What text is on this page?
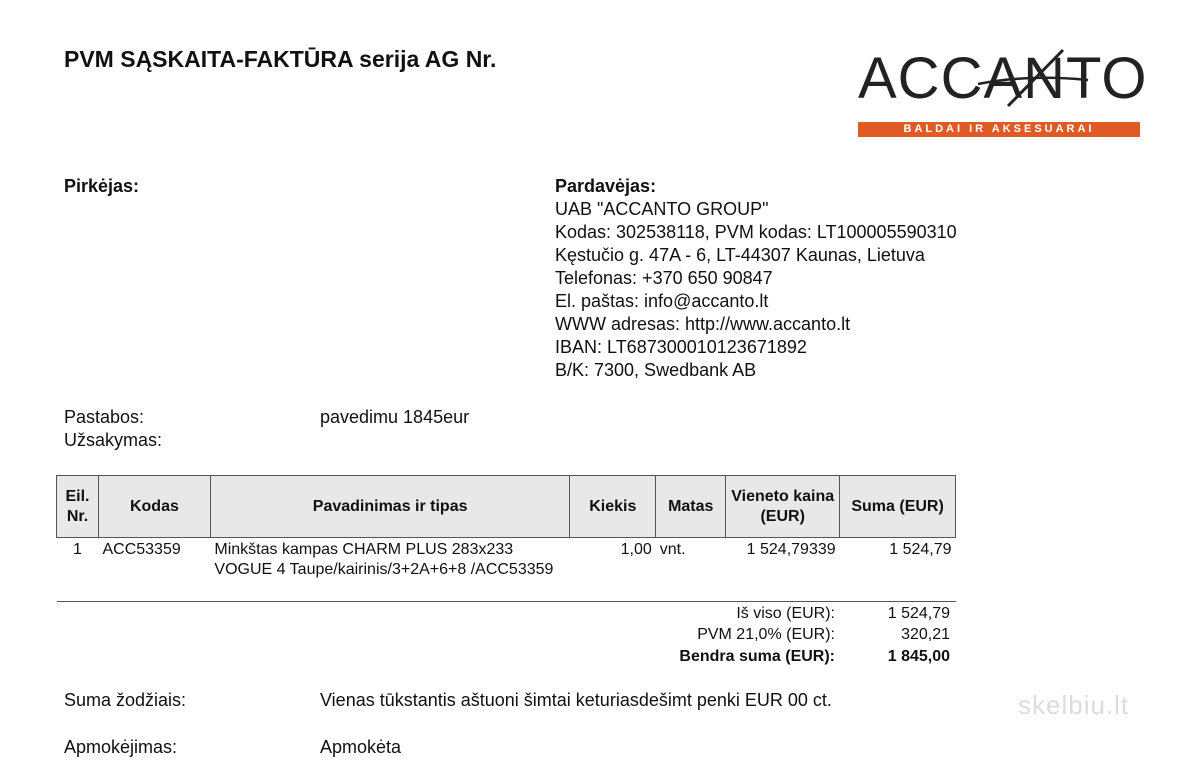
PVM SĄSKAITA-FAKTŪRA serija AG Nr.	ACCANTO
BALDAI IR AKSESUARAI
Pirkėjas:	Pardavėjas:
UAB "ACCANTO GROUP"
Kodas: 302538118, PVM kodas: LT100005590310
Kęstučio g. 47A - 6, LT-44307 Kaunas, Lietuva
Telefonas: +370 650 90847
El. paštas: info@accanto.lt
WWW adresas: http://www.accanto.lt
IBAN: LT687300010123671892
B/K: 7300, Swedbank AB
Pastabos:	pavedimu 1845eur
Užsakymas:
Eil. Nr.	Kodas	Pavadinimas ir tipas	Kiekis	Matas	Vieneto kaina (EUR)	Suma (EUR)
1	ACC53359	Minkštas kampas CHARM PLUS 283x233 VOGUE 4 Taupe/kairinis/3+2A+6+8 /ACC53359	1,00	vnt.	1 524,79339	1 524,79
Iš viso (EUR):	1 524,79
PVM 21,0% (EUR):	320,21
Bendra suma (EUR):	1 845,00
Suma žodžiais:	Vienas tūkstantis aštuoni šimtai keturiasdešimt penki EUR 00 ct.
Apmokėjimas:	Apmokėta
skelbiu.lt
